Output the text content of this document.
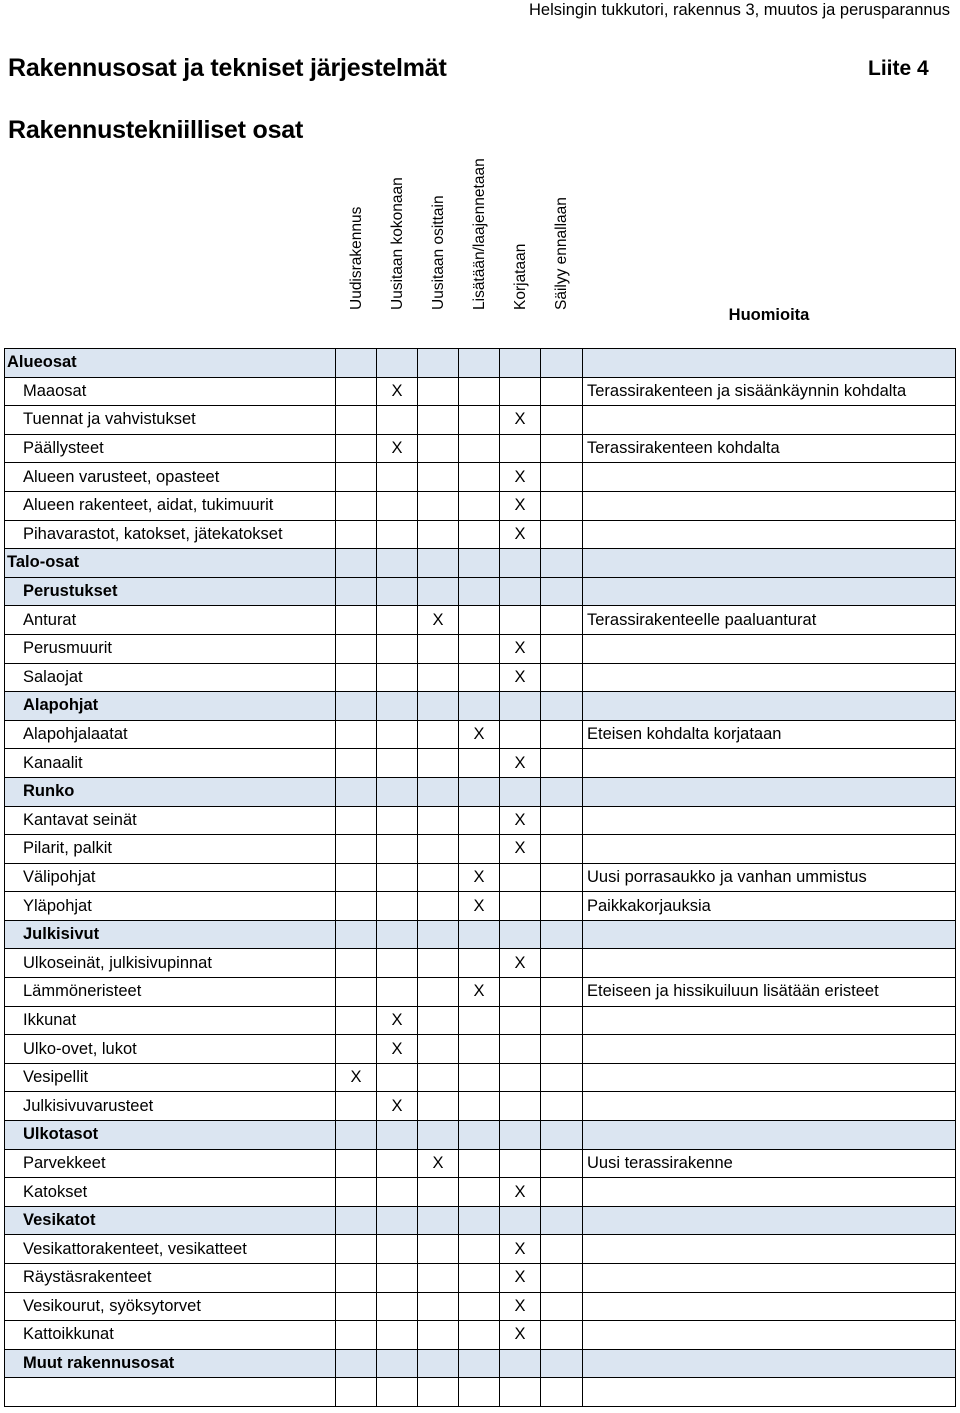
Helsingin tukkutori, rakennus 3, muutos ja perusparannus
Rakennusosat ja tekniset järjestelmät	Liite 4
Rakennustekniilliset osat
Uudisrakennus Uusitaan kokonaan Uusitaan osittain Lisätään/laajennetaan Korjataan Säilyy ennallaan
Huomioita
Alueosat							
Maaosat		X					Terassirakenteen ja sisäänkäynnin kohdalta
Tuennat ja vahvistukset					X		
Päällysteet		X					Terassirakenteen kohdalta
Alueen varusteet, opasteet					X		
Alueen rakenteet, aidat, tukimuurit					X		
Pihavarastot, katokset, jätekatokset					X		
Talo-osat							
Perustukset							
Anturat			X				Terassirakenteelle paaluanturat
Perusmuurit					X		
Salaojat					X		
Alapohjat							
Alapohjalaatat				X			Eteisen kohdalta korjataan
Kanaalit					X		
Runko							
Kantavat seinät					X		
Pilarit, palkit					X		
Välipohjat				X			Uusi porrasaukko ja vanhan ummistus
Yläpohjat				X			Paikkakorjauksia
Julkisivut							
Ulkoseinät, julkisivupinnat					X		
Lämmöneristeet				X			Eteiseen ja hissikuiluun lisätään eristeet
Ikkunat		X					
Ulko-ovet, lukot		X					
Vesipellit	X						
Julkisivuvarusteet		X					
Ulkotasot							
Parvekkeet			X				Uusi terassirakenne
Katokset					X		
Vesikatot							
Vesikattorakenteet, vesikatteet					X		
Räystäsrakenteet					X		
Vesikourut, syöksytorvet					X		
Kattoikkunat					X		
Muut rakennusosat							
